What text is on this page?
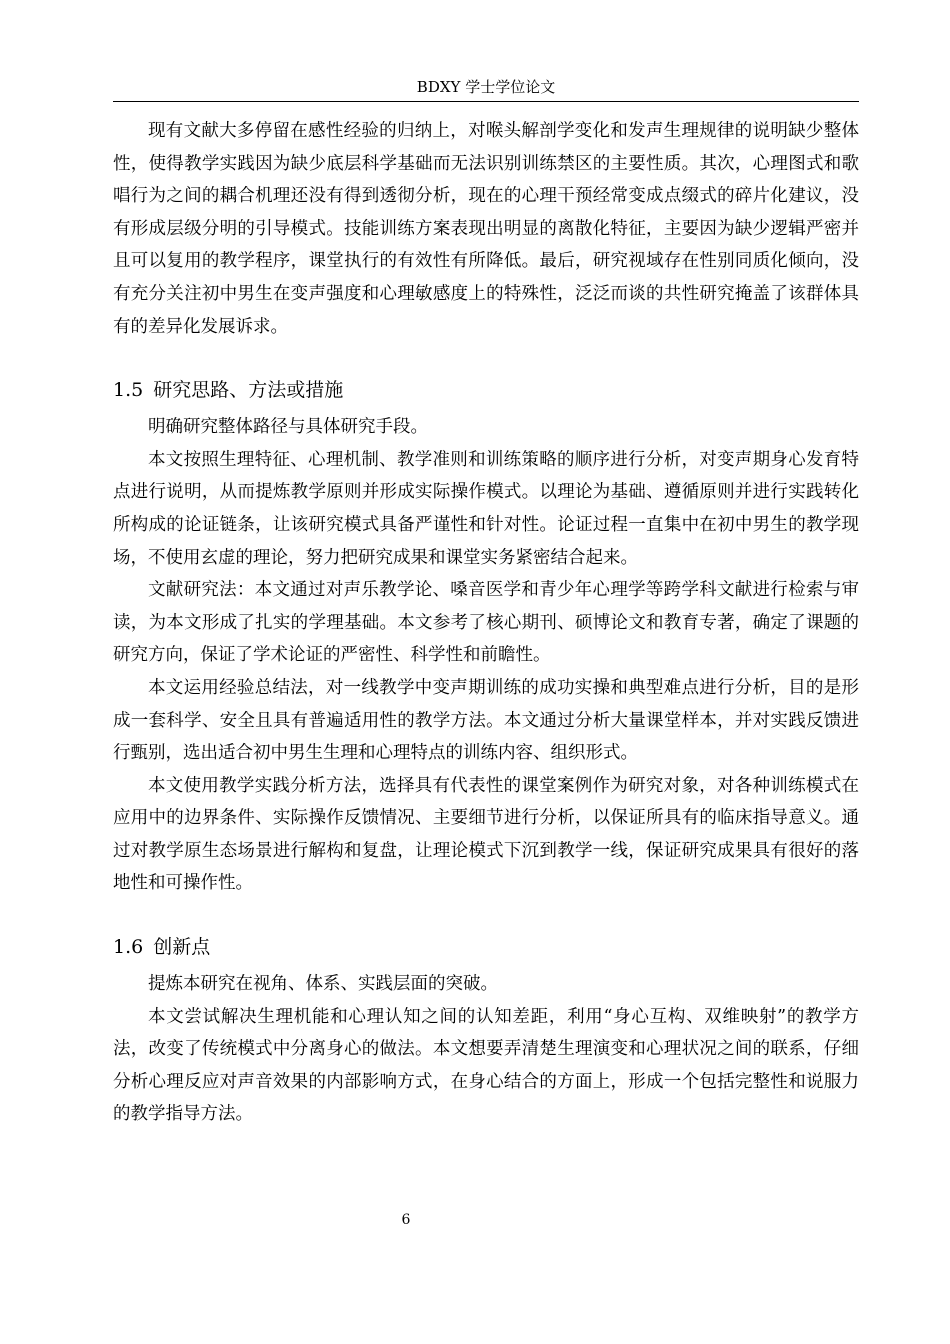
BDXY 学士学位论文

现有文献大多停留在感性经验的归纳上，对喉头解剖学变化和发声生理规律的说明缺少整体性，使得教学实践因为缺少底层科学基础而无法识别训练禁区的主要性质。其次，心理图式和歌唱行为之间的耦合机理还没有得到透彻分析，现在的心理干预经常变成点缀式的碎片化建议，没有形成层级分明的引导模式。技能训练方案表现出明显的离散化特征，主要因为缺少逻辑严密并且可以复用的教学程序，课堂执行的有效性有所降低。最后，研究视域存在性别同质化倾向，没有充分关注初中男生在变声强度和心理敏感度上的特殊性，泛泛而谈的共性研究掩盖了该群体具有的差异化发展诉求。

1.5 研究思路、方法或措施

明确研究整体路径与具体研究手段。

本文按照生理特征、心理机制、教学准则和训练策略的顺序进行分析，对变声期身心发育特点进行说明，从而提炼教学原则并形成实际操作模式。以理论为基础、遵循原则并进行实践转化所构成的论证链条，让该研究模式具备严谨性和针对性。论证过程一直集中在初中男生的教学现场，不使用玄虚的理论，努力把研究成果和课堂实务紧密结合起来。

文献研究法：本文通过对声乐教学论、嗓音医学和青少年心理学等跨学科文献进行检索与审读，为本文形成了扎实的学理基础。本文参考了核心期刊、硕博论文和教育专著，确定了课题的研究方向，保证了学术论证的严密性、科学性和前瞻性。

本文运用经验总结法，对一线教学中变声期训练的成功实操和典型难点进行分析，目的是形成一套科学、安全且具有普遍适用性的教学方法。本文通过分析大量课堂样本，并对实践反馈进行甄别，选出适合初中男生生理和心理特点的训练内容、组织形式。

本文使用教学实践分析方法，选择具有代表性的课堂案例作为研究对象，对各种训练模式在应用中的边界条件、实际操作反馈情况、主要细节进行分析，以保证所具有的临床指导意义。通过对教学原生态场景进行解构和复盘，让理论模式下沉到教学一线，保证研究成果具有很好的落地性和可操作性。

1.6 创新点

提炼本研究在视角、体系、实践层面的突破。

本文尝试解决生理机能和心理认知之间的认知差距，利用“身心互构、双维映射”的教学方法，改变了传统模式中分离身心的做法。本文想要弄清楚生理演变和心理状况之间的联系，仔细分析心理反应对声音效果的内部影响方式，在身心结合的方面上，形成一个包括完整性和说服力的教学指导方法。

6
